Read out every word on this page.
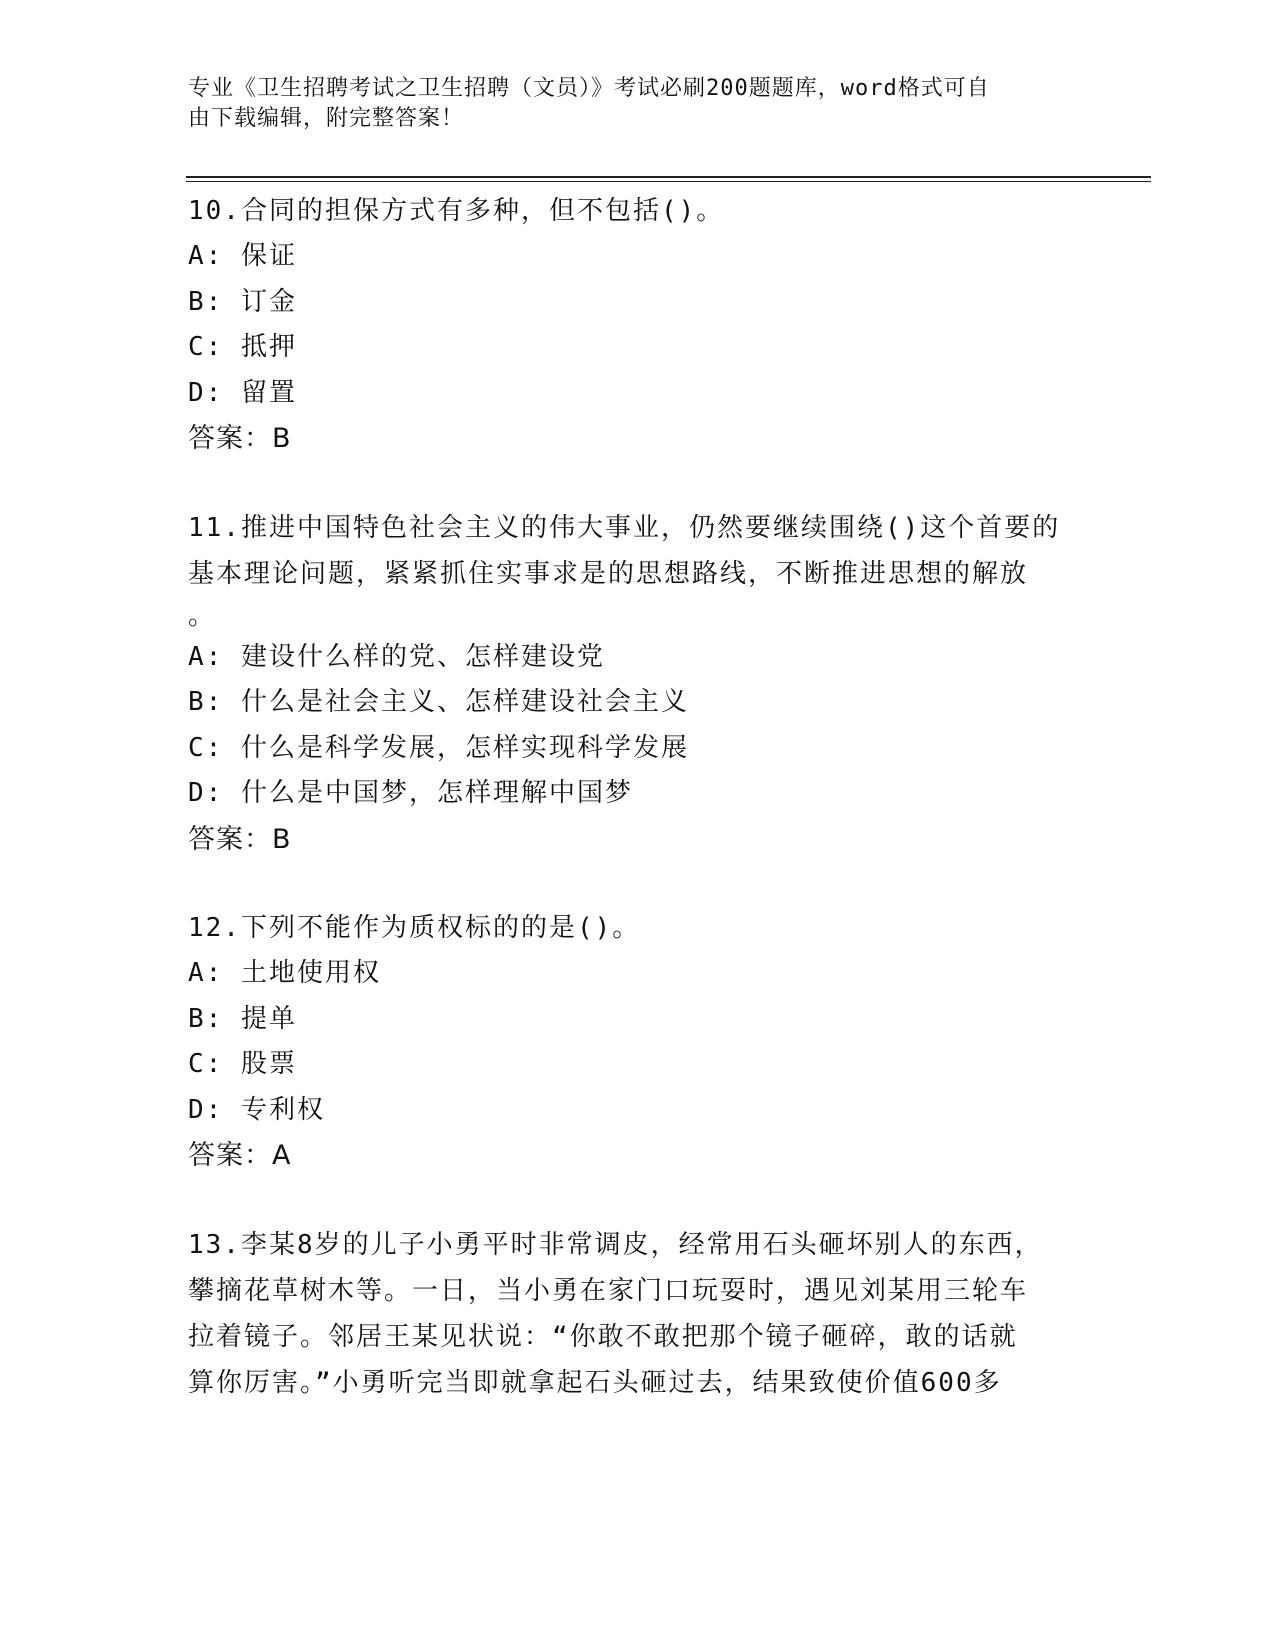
专业《卫生招聘考试之卫生招聘（文员）》考试必刷200题题库，word格式可自
由下载编辑，附完整答案！

10.合同的担保方式有多种，但不包括()。

A: 保证

B: 订金

C: 抵押

D: 留置

答案：B

11.推进中国特色社会主义的伟大事业，仍然要继续围绕()这个首要的

基本理论问题，紧紧抓住实事求是的思想路线，不断推进思想的解放

。

A: 建设什么样的党、怎样建设党

B: 什么是社会主义、怎样建设社会主义

C: 什么是科学发展，怎样实现科学发展

D: 什么是中国梦，怎样理解中国梦

答案：B

12.下列不能作为质权标的的是()。

A: 土地使用权

B: 提单

C: 股票

D: 专利权

答案：A

13.李某8岁的儿子小勇平时非常调皮，经常用石头砸坏别人的东西，

攀摘花草树木等。一日，当小勇在家门口玩耍时，遇见刘某用三轮车

拉着镜子。邻居王某见状说：“你敢不敢把那个镜子砸碎，敢的话就

算你厉害。”小勇听完当即就拿起石头砸过去，结果致使价值600多
